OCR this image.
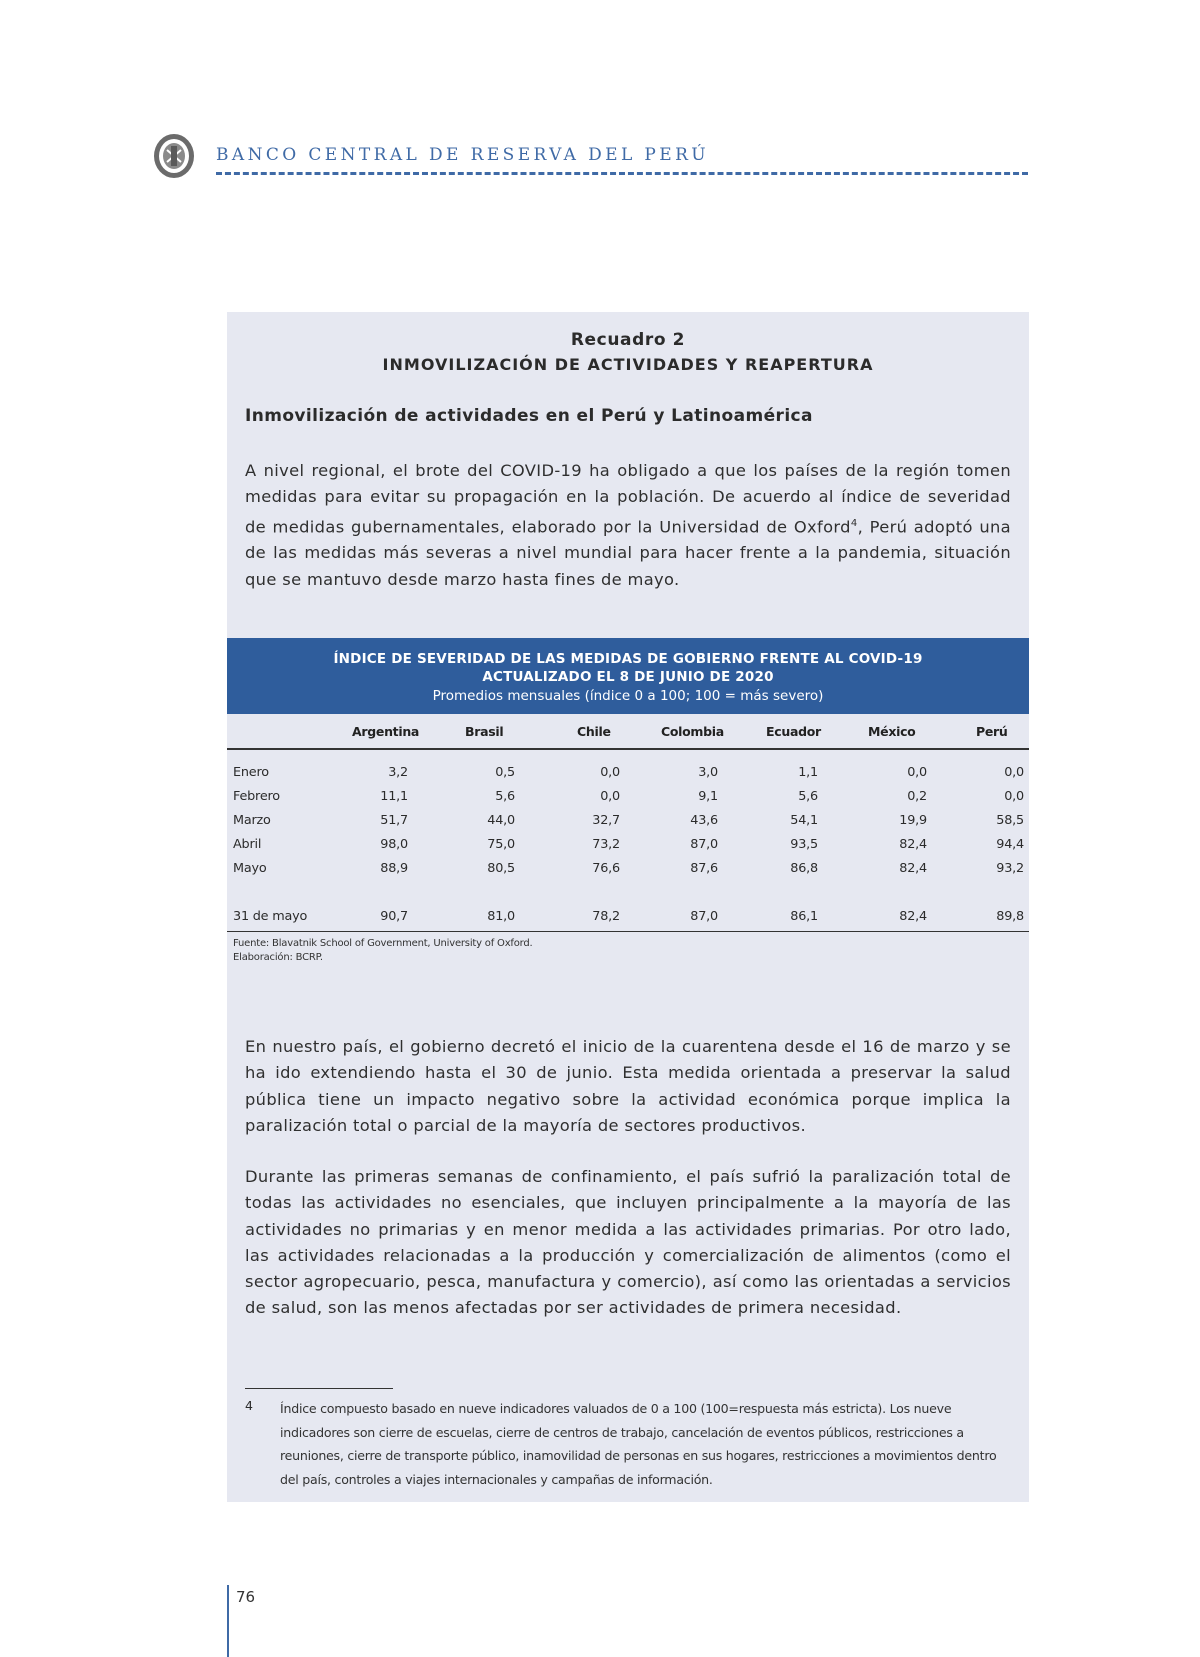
BANCO CENTRAL DE RESERVA DEL PERÚ
Recuadro 2
INMOVILIZACIÓN DE ACTIVIDADES Y REAPERTURA
Inmovilización de actividades en el Perú y Latinoamérica
A nivel regional, el brote del COVID-19 ha obligado a que los países de la región tomen medidas para evitar su propagación en la población. De acuerdo al índice de severidad de medidas gubernamentales, elaborado por la Universidad de Oxford$^4$, Perú adoptó una de las medidas más severas a nivel mundial para hacer frente a la pandemia, situación que se mantuvo desde marzo hasta fines de mayo.
ÍNDICE DE SEVERIDAD DE LAS MEDIDAS DE GOBIERNO FRENTE AL COVID-19
ACTUALIZADO EL 8 DE JUNIO DE 2020
Promedios mensuales (índice 0 a 100; 100 = más severo)
Argentina	Brasil	Chile	Colombia	Ecuador	México	Perú
Enero	3,2	0,5	0,0	3,0	1,1	0,0	0,0
Febrero	11,1	5,6	0,0	9,1	5,6	0,2	0,0
Marzo	51,7	44,0	32,7	43,6	54,1	19,9	58,5
Abril	98,0	75,0	73,2	87,0	93,5	82,4	94,4
Mayo	88,9	80,5	76,6	87,6	86,8	82,4	93,2
31 de mayo	90,7	81,0	78,2	87,0	86,1	82,4	89,8
Fuente: Blavatnik School of Government, University of Oxford.
Elaboración: BCRP.
En nuestro país, el gobierno decretó el inicio de la cuarentena desde el 16 de marzo y se ha ido extendiendo hasta el 30 de junio. Esta medida orientada a preservar la salud pública tiene un impacto negativo sobre la actividad económica porque implica la paralización total o parcial de la mayoría de sectores productivos.
Durante las primeras semanas de confinamiento, el país sufrió la paralización total de todas las actividades no esenciales, que incluyen principalmente a la mayoría de las actividades no primarias y en menor medida a las actividades primarias. Por otro lado, las actividades relacionadas a la producción y comercialización de alimentos (como el sector agropecuario, pesca, manufactura y comercio), así como las orientadas a servicios de salud, son las menos afectadas por ser actividades de primera necesidad.
4 Índice compuesto basado en nueve indicadores valuados de 0 a 100 (100=respuesta más estricta). Los nueve indicadores son cierre de escuelas, cierre de centros de trabajo, cancelación de eventos públicos, restricciones a reuniones, cierre de transporte público, inamovilidad de personas en sus hogares, restricciones a movimientos dentro del país, controles a viajes internacionales y campañas de información.
76
